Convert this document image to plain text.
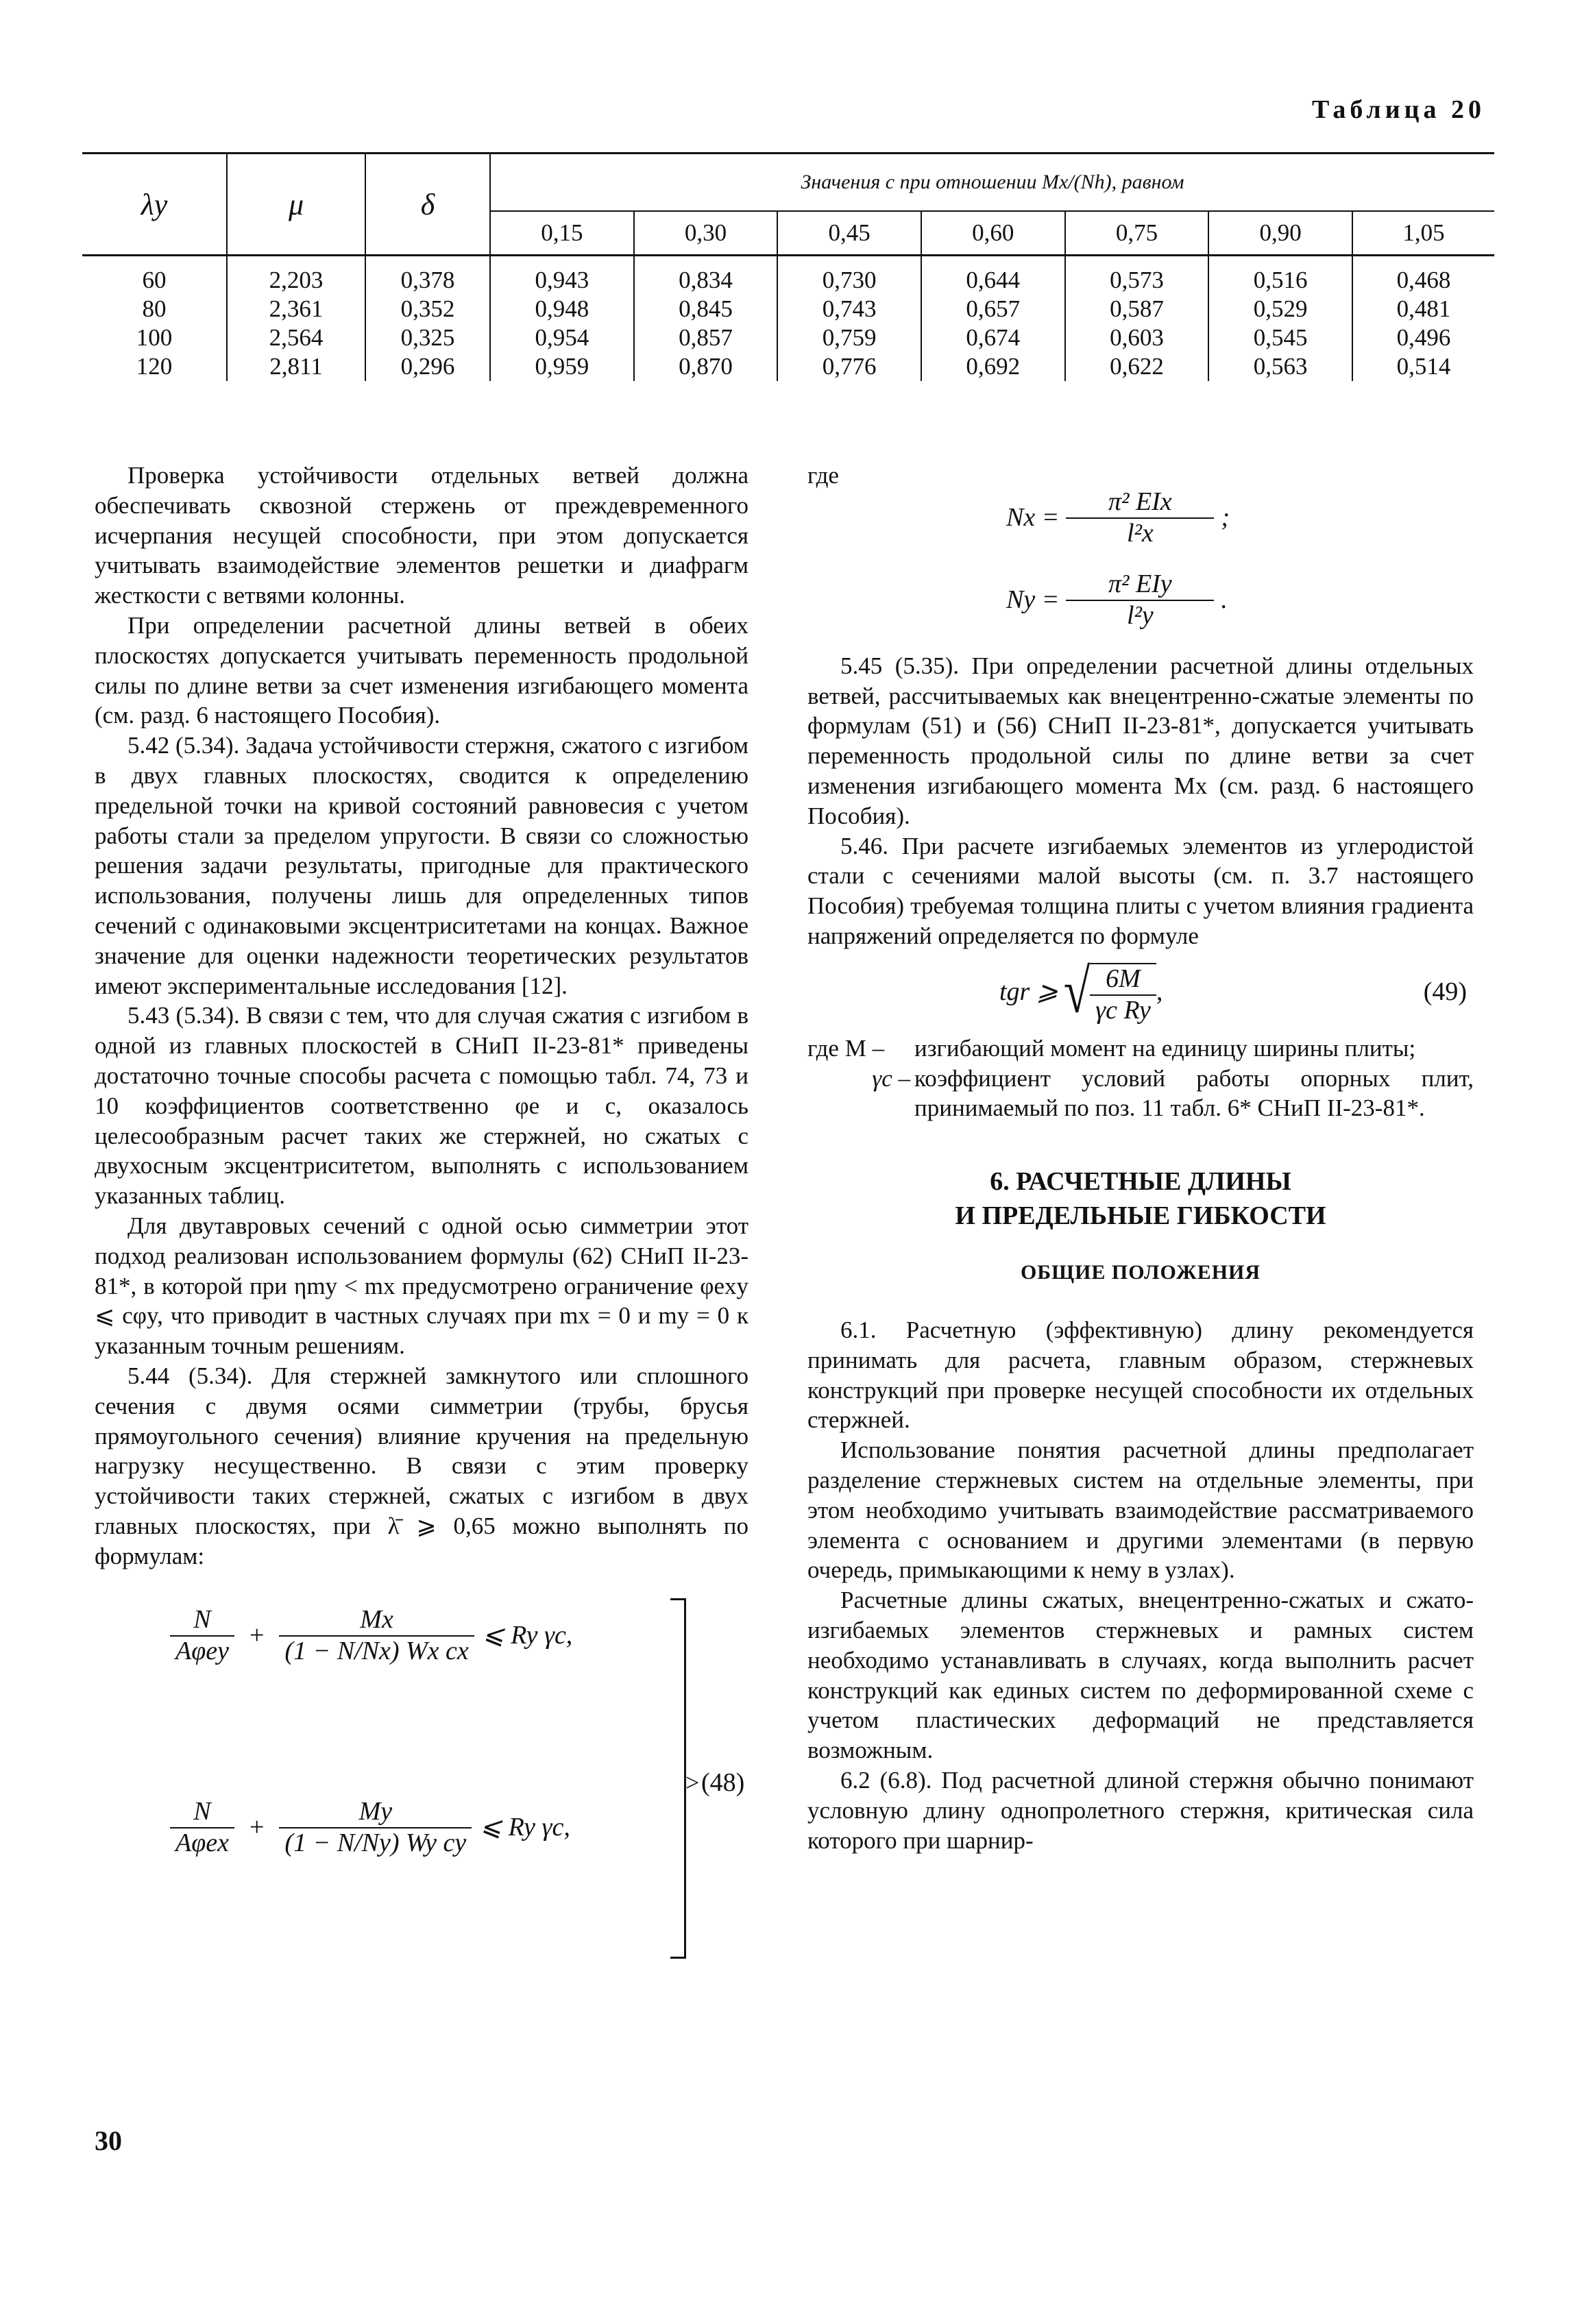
Таблица 20
λy	μ	δ	Значения c при отношении Mx/(Nh), равном						
			0,15	0,30	0,45	0,60	0,75	0,90	1,05
60	2,203	0,378	0,943	0,834	0,730	0,644	0,573	0,516	0,468
80	2,361	0,352	0,948	0,845	0,743	0,657	0,587	0,529	0,481
100	2,564	0,325	0,954	0,857	0,759	0,674	0,603	0,545	0,496
120	2,811	0,296	0,959	0,870	0,776	0,692	0,622	0,563	0,514

Проверка устойчивости отдельных ветвей должна обеспечивать сквозной стержень от преждевременного исчерпания несущей способности, при этом допускается учитывать взаимодействие элементов решетки и диафрагм жесткости с ветвями колонны.

При определении расчетной длины ветвей в обеих плоскостях допускается учитывать переменность продольной силы по длине ветви за счет изменения изгибающего момента (см. разд. 6 настоящего Пособия).

5.42 (5.34). Задача устойчивости стержня, сжатого с изгибом в двух главных плоскостях, сводится к определению предельной точки на кривой состояний равновесия с учетом работы стали за пределом упругости. В связи со сложностью решения задачи результаты, пригодные для практического использования, получены лишь для определенных типов сечений с одинаковыми эксцентриситетами на концах. Важное значение для оценки надежности теоретических результатов имеют экспериментальные исследования [12].

5.43 (5.34). В связи с тем, что для случая сжатия с изгибом в одной из главных плоскостей в СНиП II-23-81* приведены достаточно точные способы расчета с помощью табл. 74, 73 и 10 коэффициентов соответственно φe и c, оказалось целесообразным расчет таких же стержней, но сжатых с двухосным эксцентриситетом, выполнять с использованием указанных таблиц.

Для двутавровых сечений с одной осью симметрии этот подход реализован использованием формулы (62) СНиП II-23-81*, в которой при ηmy < mx предусмотрено ограничение φexy ⩽ cφy, что приводит в частных случаях при mx = 0 и my = 0 к указанным точным решениям.

5.44 (5.34). Для стержней замкнутого или сплошного сечения с двумя осями симметрии (трубы, брусья прямоугольного сечения) влияние кручения на предельную нагрузку несущественно. В связи с этим проверку устойчивости таких стержней, сжатых с изгибом в двух главных плоскостях, при λ̄ ⩾ 0,65 можно выполнять по формулам:

$\frac{N}{\text{Aφey}} + \frac{Mx}{\text{(1 − N/Nx) Wx cx}}$ ⩽ Ry γc,
$\frac{N}{\text{Aφex}} + \frac{My}{\text{(1 − N/Ny) Wy cy}}$ ⩽ Ry γc,
> (48)
где
$Nx = \frac{\text{π² EIx}}{\text{l²x}}$ ;
$Ny = \frac{\text{π² EIy}}{\text{l²y}}$ .

5.45 (5.35). При определении расчетной длины отдельных ветвей, рассчитываемых как внецентренно-сжатые элементы по формулам (51) и (56) СНиП II-23-81*, допускается учитывать переменность продольной силы по длине ветви за счет изменения изгибающего момента Mx (см. разд. 6 настоящего Пособия).

5.46. При расчете изгибаемых элементов из углеродистой стали с сечениями малой высоты (см. п. 3.7 настоящего Пособия) требуемая толщина плиты с учетом влияния градиента напряжений определяется по формуле

tgr ⩾ √ $\frac{6M}{\text{γc Ry}}$ ,	(49)
где M –	изгибающий момент на единицу ширины плиты;
γc – коэффициент условий работы опорных плит, принимаемый по поз. 11 табл. 6* СНиП II-23-81*.
6. РАСЧЕТНЫЕ ДЛИНЫ
И ПРЕДЕЛЬНЫЕ ГИБКОСТИ
ОБЩИЕ ПОЛОЖЕНИЯ

6.1. Расчетную (эффективную) длину рекомендуется принимать для расчета, главным образом, стержневых конструкций при проверке несущей способности их отдельных стержней.

Использование понятия расчетной длины предполагает разделение стержневых систем на отдельные элементы, при этом необходимо учитывать взаимодействие рассматриваемого элемента с основанием и другими элементами (в первую очередь, примыкающими к нему в узлах).

Расчетные длины сжатых, внецентренно-сжатых и сжато-изгибаемых элементов стержневых и рамных систем необходимо устанавливать в случаях, когда выполнить расчет конструкций как единых систем по деформированной схеме с учетом пластических деформаций не представляется возможным.

6.2 (6.8). Под расчетной длиной стержня обычно понимают условную длину однопролетного стержня, критическая сила которого при шарнир-

30
